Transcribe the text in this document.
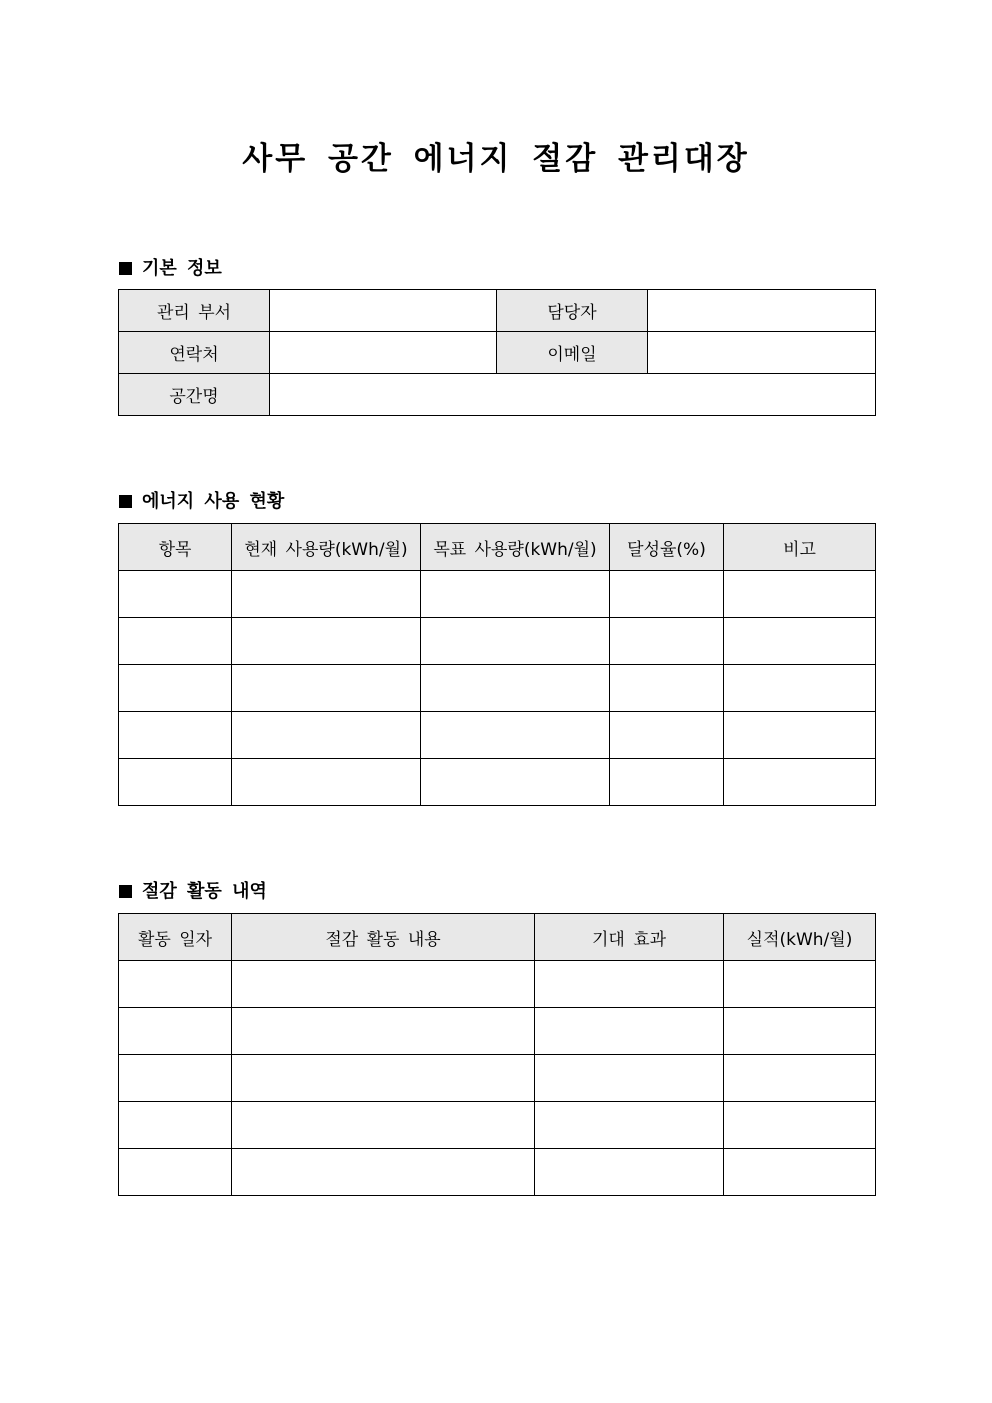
사무 공간 에너지 절감 관리대장
기본 정보
관리 부서		담당자	
연락처		이메일	
공간명			
에너지 사용 현황
항목	현재 사용량(kWh/월)	목표 사용량(kWh/월)	달성율(%)	비고

절감 활동 내역
활동 일자	절감 활동 내용	기대 효과	실적(kWh/월)
